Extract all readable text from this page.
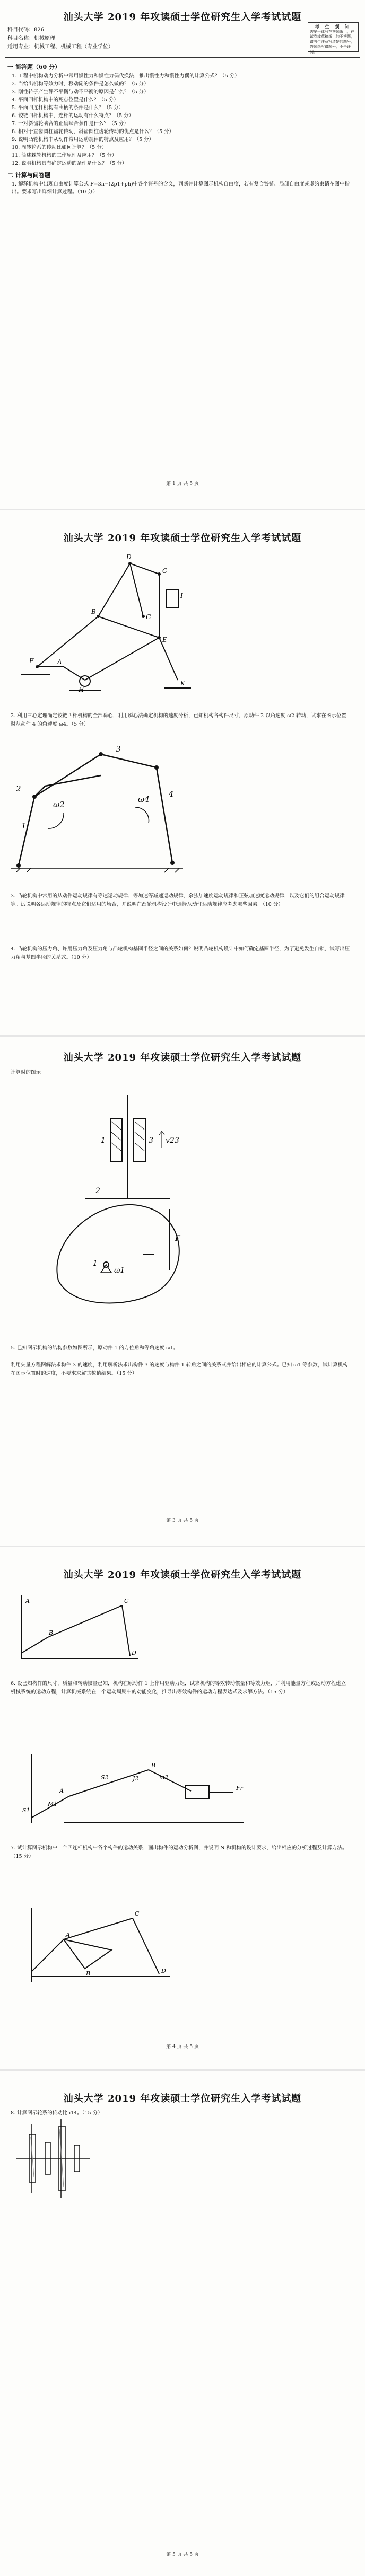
汕头大学 2019 年攻读硕士学位研究生入学考试试题
科目代码：826
科目名称：机械原理
适用专业：机械工程、机械工程（专业学位）
考 生 须 知
需要一律写在答题纸上，在试卷或草稿纸上的不答题，请考生注意写清楚的题号，答题纸写错题号，不予评阅。
一 简答题（60 分）
1. 工程中机构动力分析中常用惯性力和惯性力偶代换法，推出惯性力和惯性力偶的计算公式？（5 分）
2. 当给出机构等效力时，移动副的条件是怎么做的？（5 分）
3. 刚性转子产生静不平衡与动不平衡的原因是什么？（5 分）
4. 平面四杆机构中的死点位置是什么？（5 分）
5. 平面四连杆机构有曲柄的条件是什么？（5 分）
6. 铰链四杆机构中，连杆的运动有什么特点？（5 分）
7. 一对斜齿轮啮合的正确啮合条件是什么？（5 分）
8. 相对于直齿圆柱齿轮传动，斜齿圆柱齿轮传动的优点是什么？（5 分）
9. 说明凸轮机构中从动件常用运动规律的特点及应用？（5 分）
10. 周转轮系的传动比如何计算？（5 分）
11. 简述棘轮机构的工作原理及应用？（5 分）
12. 说明机构具有确定运动的条件是什么？（5 分）
二 计算与问答题
1. 解释机构中出现自由度计算公式 F=3n−(2p1+ph)中各个符号的含义，判断并计算图示机构自由度，若有复合铰链、局部自由度或虚约束请在图中指出。要求写出详细计算过程。（10 分）
第 1 页 共 5 页
汕头大学 2019 年攻读硕士学位研究生入学考试试题
F
B
D
C
E
G
H
A
I
K
2. 利用三心定理确定铰链四杆机构的全部瞬心，利用瞬心法确定机构的速度分析，已知机构各构件尺寸，原动件 2 以角速度 ω2 转动，试求在图示位置时从动件 4 的角速度 ω4。（5 分）
1
2
3
4
ω2
ω4
3. 凸轮机构中常用的从动件运动规律有等速运动规律、等加速等减速运动规律、余弦加速度运动规律和正弦加速度运动规律，以及它们的组合运动规律等。试说明各运动规律的特点及它们适用的场合，并说明在凸轮机构设计中选择从动件运动规律应考虑哪些因素。（10 分）
4. 凸轮机构的压力角、许用压力角及压力角与凸轮机构基圆半径之间的关系如何？说明凸轮机构设计中如何确定基圆半径，为了避免发生自锁，试写出压力角与基圆半径的关系式。（10 分）
汕头大学 2019 年攻读硕士学位研究生入学考试试题
计算时的图示
1	3 v23
2
1
ω1
F
5. 已知图示机构的结构参数如图所示，原动件 1 的方位角和等角速度 ω1。
利用矢量方程图解法求构件 3 的速度，利用解析法求出构件 3 的速度与构件 1 转角之间的关系式并给出相应的计算公式。已知 ω1 等参数，试计算机构在图示位置时的速度，不要求求解其数值结果。（15 分）
第 3 页 共 5 页
汕头大学 2019 年攻读硕士学位研究生入学考试试题
A
B
C
D
6. 设已知构件的尺寸，质量和转动惯量已知，机构在原动件 1 上作用驱动力矩，试求机构的等效转动惯量和等效力矩，并利用能量方程或运动方程建立机械系统的运动方程，计算机械系统在一个运动周期中的动能变化，推导出等效构件的运动方程表达式及求解方法。（15 分）
S1
A
S2
M1
J2	m2
B
Fr
7. 试计算图示机构中一个四连杆机构中各个构件的运动关系，画出构件的运动分析图，并说明 N 和机构的设计要求，给出相应的分析过程及计算方法。（15 分）
A
C
B	D
第 4 页 共 5 页
汕头大学 2019 年攻读硕士学位研究生入学考试试题
8. 计算图示轮系的传动比 i14。（15 分）
第 5 页 共 5 页
